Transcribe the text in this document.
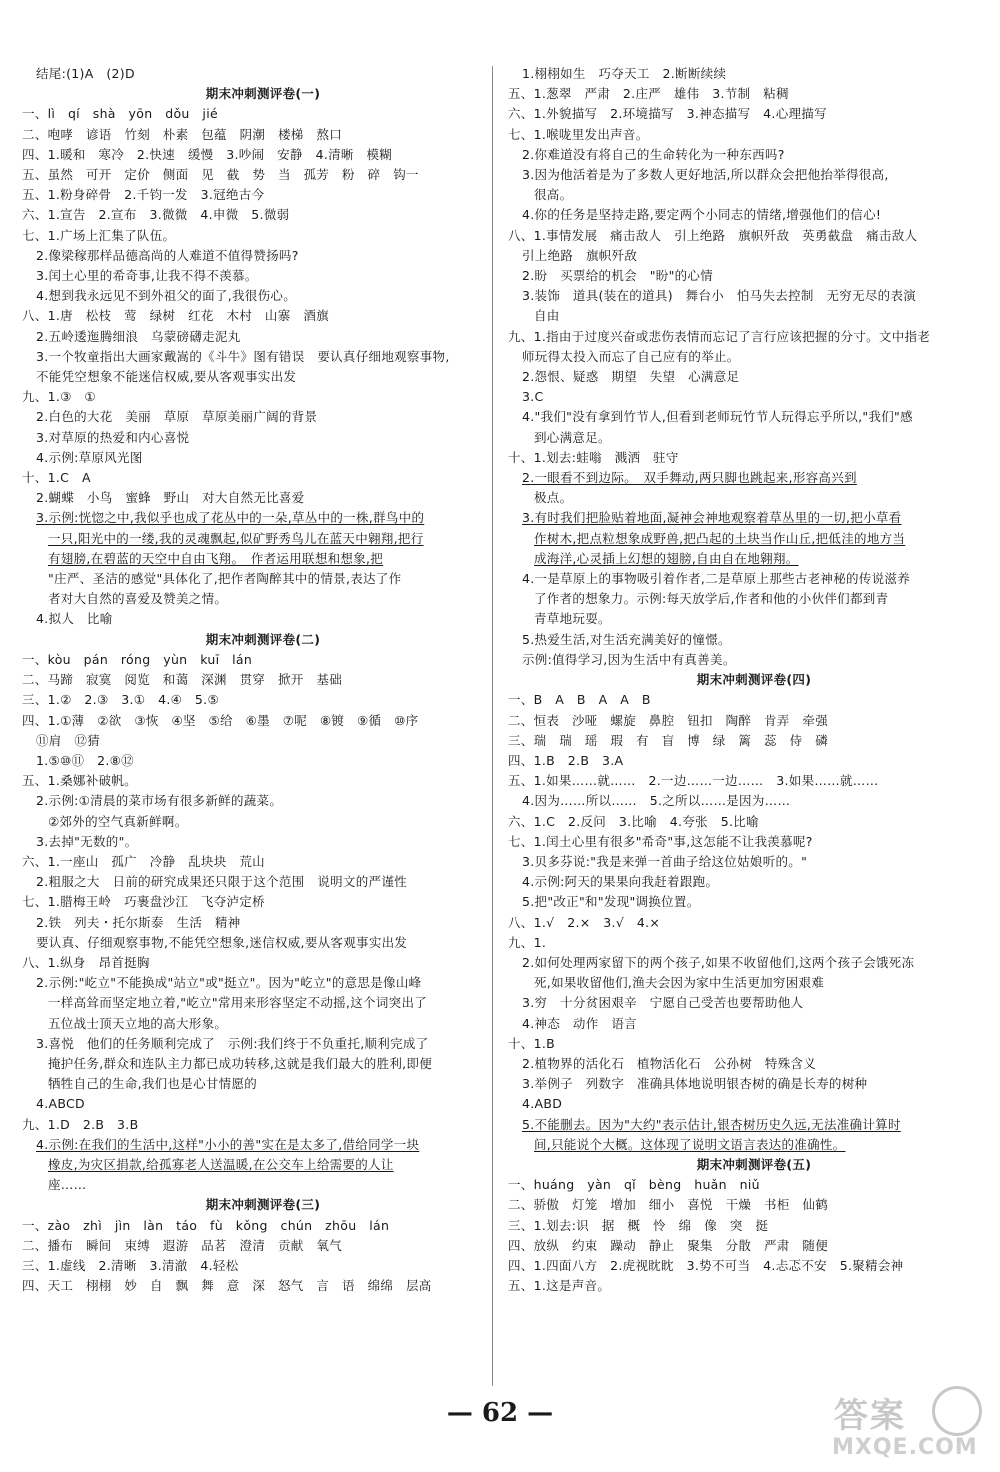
结尾:(1)A　(2)D
期末冲刺测评卷(一)
一、lì　qí　shà　yōn　dǒu　jié
二、咆哮　谚语　竹刻　朴素　包蕴　阴潮　楼梯　熬口
四、1.暖和　寒冷　2.快速　缓慢　3.吵闹　安静　4.清晰　模糊
五、虽然　可开　定价　侧面　见　截　势　当　孤芳　粉　碎　钩一
五、1.粉身碎骨　2.千钧一发　3.冠绝古今
六、1.宣告　2.宣布　3.微微　4.申微　5.微弱
七、1.广场上汇集了队伍。
2.像梁稼那样品德高尚的人难道不值得赞扬吗?
3.闰土心里的希奇事,让我不得不羡慕。
4.想到我永远见不到外祖父的面了,我很伤心。
八、1.唐　松枝　莺　绿树　红花　木村　山寨　酒旗
2.五岭逶迤腾细浪　乌蒙磅礴走泥丸
3.一个牧童指出大画家戴嵩的《斗牛》图有错误　要认真仔细地观察事物,
不能凭空想象不能迷信权威,要从客观事实出发
九、1.③　①
2.白色的大花　美丽　草原　草原美丽广阔的背景
3.对草原的热爱和内心喜悦
4.示例:草原风光图
十、1.C　A
2.蝴蝶　小鸟　蜜蜂　野山　对大自然无比喜爱
3.示例:恍惚之中,我似乎也成了花丛中的一朵,草丛中的一株,群鸟中的
一只,阳光中的一缕,我的灵魂飘起,似矿野秀鸟儿在蓝天中翱翔,把行
有翅膀,在碧蓝的天空中自由飞翔。　作者运用联想和想象,把
"庄严、圣洁的感觉"具体化了,把作者陶醉其中的情景,表达了作
者对大自然的喜爱及赞美之情。
4.拟人　比喻
期末冲刺测评卷(二)
一、kòu　pán　róng　yùn　kuī　lán
二、马蹄　寂寞　阅览　和蔼　深渊　贯穿　掀开　基础
三、1.②　2.③　3.①　4.④　5.⑤
四、1.①薄　②欲　③恢　④坚　⑤给　⑥墨　⑦呢　⑧镀　⑨循　⑩序
⑪肩　⑫猜
1.⑤⑩⑪　2.⑧⑫
五、1.桑娜补破帆。
2.示例:①清晨的菜市场有很多新鲜的蔬菜。
②郊外的空气真新鲜啊。
3.去掉"无数的"。
六、1.一座山　孤广　冷静　乱块块　荒山
2.粗服之大　日前的研究成果还只限于这个范围　说明文的严谨性
七、1.腊梅王岭　巧裹盘沙江　飞夺泸定桥
2.铁　列夫・托尔斯泰　生活　精神
要认真、仔细观察事物,不能凭空想象,迷信权威,要从客观事实出发
八、1.纵身　昂首挺胸
2.示例:"屹立"不能换成"站立"或"挺立"。因为"屹立"的意思是像山峰
一样高耸而坚定地立着,"屹立"常用来形容坚定不动摇,这个词突出了
五位战士顶天立地的高大形象。
3.喜悦　他们的任务顺利完成了　示例:我们终于不负重托,顺利完成了
掩护任务,群众和连队主力都已成功转移,这就是我们最大的胜利,即便
牺牲自己的生命,我们也是心甘情愿的
4.ABCD
九、1.D　2.B　3.B
4.示例:在我们的生活中,这样"小小的善"实在是太多了,借给同学一块
橡皮,为灾区捐款,给孤寡老人送温暖,在公交车上给需要的人让
座……
期末冲刺测评卷(三)
一、zào　zhì　jìn　làn　táo　fù　kǒng　chún　zhōu　lán
二、播布　瞬间　束缚　遐游　品茗　澄清　贡献　氧气
三、1.虚线　2.清晰　3.清澈　4.轻松
四、天工　栩栩　妙　自　飘　舞　意　深　怒气　言　语　绵绵　层高
1.栩栩如生　巧夺天工　2.断断续续
五、1.葱翠　严肃　2.庄严　雄伟　3.节制　粘稠
六、1.外貌描写　2.环境描写　3.神态描写　4.心理描写
七、1.喉咙里发出声音。
2.你难道没有将自己的生命转化为一种东西吗?
3.因为他活着是为了多数人更好地活,所以群众会把他抬举得很高,
很高。
4.你的任务是坚持走路,要定两个小同志的情绪,增强他们的信心!
八、1.事情发展　痛击敌人　引上绝路　旗帜歼敌　英勇截盘　痛击敌人
引上绝路　旗帜歼敌
2.盼　买票给的机会　"盼"的心情
3.装饰　道具(装在的道具)　舞台小　怕马失去控制　无穷无尽的表演
自由
九、1.指由于过度兴奋或悲伤表情而忘记了言行应该把握的分寸。文中指老
师玩得太投入而忘了自己应有的举止。
2.怨恨、疑惑　期望　失望　心满意足
3.C
4."我们"没有拿到竹节人,但看到老师玩竹节人玩得忘乎所以,"我们"感
到心满意足。
十、1.划去:蛙嗡　溅洒　驻守
2.一眼看不到边际。　双手舞动,两只脚也跳起来,形容高兴到
极点。
3.有时我们把脸贴着地面,凝神会神地观察着草丛里的一切,把小草看
作树木,把点粒想象成野兽,把凸起的土块当作山丘,把低洼的地方当
成海洋,心灵插上幻想的翅膀,自由自在地翱翔。
4.一是草原上的事物吸引着作者,二是草原上那些古老神秘的传说滋养
了作者的想象力。示例:每天放学后,作者和他的小伙伴们都到青
青草地玩耍。
5.热爱生活,对生活充满美好的憧憬。
示例:值得学习,因为生活中有真善美。
期末冲刺测评卷(四)
一、B　A　B　A　A　B
二、恒表　沙哑　螺旋　鼻腔　钮扣　陶醉　肯弄　牵强
三、瑞　瑞　瑶　瑕　有　盲　博　绿　篱　蕊　侍　磷
四、1.B　2.B　3.A
五、1.如果……就……　2.一边……一边……　3.如果……就……
4.因为……所以……　5.之所以……是因为……
六、1.C　2.反问　3.比喻　4.夸张　5.比喻
七、1.闰土心里有很多"希奇"事,这怎能不让我羡慕呢?
3.贝多芬说:"我是来弹一首曲子给这位姑娘听的。"
4.示例:阿天的果果向我赶着跟跑。
5.把"改正"和"发现"调换位置。
八、1.√　2.×　3.√　4.×
九、1.
2.如何处理两家留下的两个孩子,如果不收留他们,这两个孩子会饿死冻
死,如果收留他们,渔夫会因为家中生活更加穷困艰难
3.穷　十分贫困艰辛　宁愿自己受苦也要帮助他人
4.神态　动作　语言
十、1.B
2.植物界的活化石　植物活化石　公孙树　特殊含义
3.举例子　列数字　准确具体地说明银杏树的确是长寿的树种
4.ABD
5.不能删去。因为"大约"表示估计,银杏树历史久远,无法准确计算时
间,只能说个大概。这体现了说明文语言表达的准确性。
期末冲刺测评卷(五)
一、huáng　yàn　qǐ　bèng　huǎn　niǔ
二、骄傲　灯笼　增加　细小　喜悦　干燥　书柜　仙鹤
三、1.划去:识　据　概　怜　绵　像　突　挺
四、放纵　约束　躁动　静止　聚集　分散　严肃　随便
四、1.四面八方　2.虎视眈眈　3.势不可当　4.忐忑不安　5.聚精会神
五、1.这是声音。
— 62 —	答案
MXQE.COM
